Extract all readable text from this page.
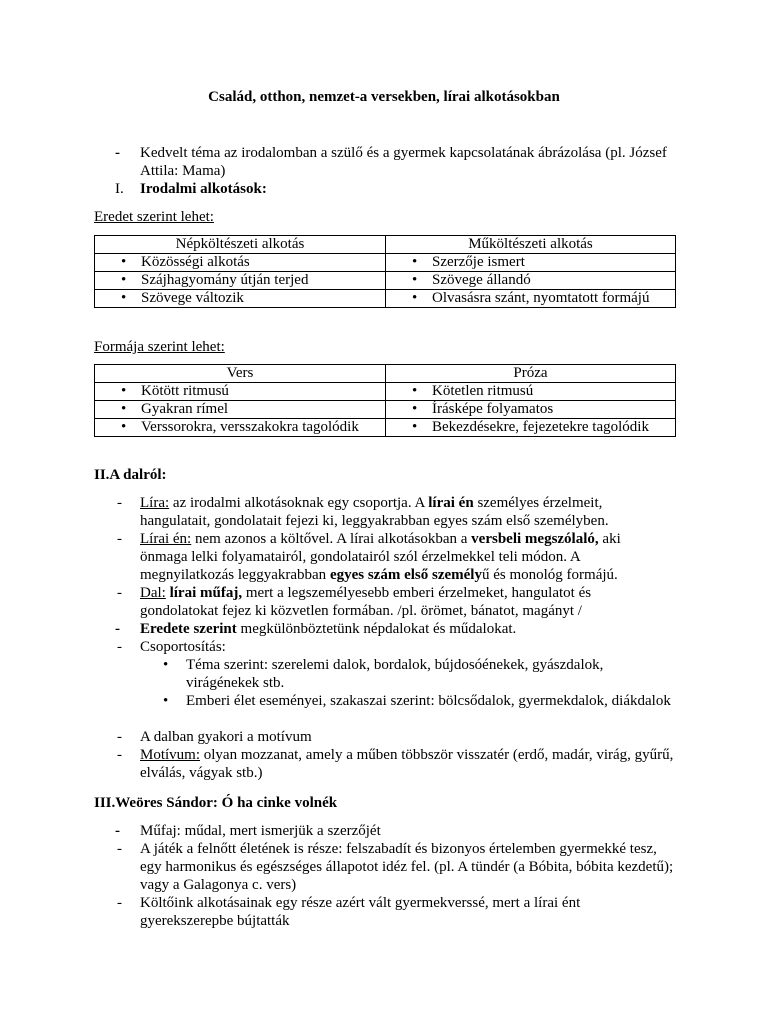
Család, otthon, nemzet-a versekben, lírai alkotásokban
- Kedvelt téma az irodalomban a szülő és a gyermek kapcsolatának ábrázolása (pl. József Attila: Mama)
I. Irodalmi alkotások:
Eredet szerint lehet:
Népköltészeti alkotás	Műköltészeti alkotás
• Közösségi alkotás	• Szerzője ismert
• Szájhagyomány útján terjed	• Szövege állandó
• Szövege változik	• Olvasásra szánt, nyomtatott formájú
Formája szerint lehet:
Vers	Próza
• Kötött ritmusú	• Kötetlen ritmusú
• Gyakran rímel	• Írásképe folyamatos
• Verssorokra, versszakokra tagolódik	• Bekezdésekre, fejezetekre tagolódik
II.A dalról:
- Líra: az irodalmi alkotásoknak egy csoportja. A lírai én személyes érzelmeit, hangulatait, gondolatait fejezi ki, leggyakrabban egyes szám első személyben.
- Lírai én: nem azonos a költővel. A lírai alkotásokban a versbeli megszólaló, aki önmaga lelki folyamatairól, gondolatairól szól érzelmekkel teli módon. A megnyilatkozás leggyakrabban egyes szám első személyű és monológ formájú.
- Dal: lírai műfaj, mert a legszemélyesebb emberi érzelmeket, hangulatot és gondolatokat fejez ki közvetlen formában. /pl. örömet, bánatot, magányt /
- Eredete szerint megkülönböztetünk népdalokat és műdalokat.
- Csoportosítás:
• Téma szerint: szerelemi dalok, bordalok, bújdosóénekek, gyászdalok, virágénekek stb.
• Emberi élet eseményei, szakaszai szerint: bölcsődalok, gyermekdalok, diákdalok
- A dalban gyakori a motívum
- Motívum: olyan mozzanat, amely a műben többször visszatér (erdő, madár, virág, gyűrű, elválás, vágyak stb.)
III.Weöres Sándor: Ó ha cinke volnék
- Műfaj: műdal, mert ismerjük a szerzőjét
- A játék a felnőtt életének is része: felszabadít és bizonyos értelemben gyermekké tesz, egy harmonikus és egészséges állapotot idéz fel. (pl. A tündér (a Bóbita, bóbita kezdetű); vagy a Galagonya c. vers)
- Költőink alkotásainak egy része azért vált gyermekverssé, mert a lírai ént gyerekszerepbe bújtatták
